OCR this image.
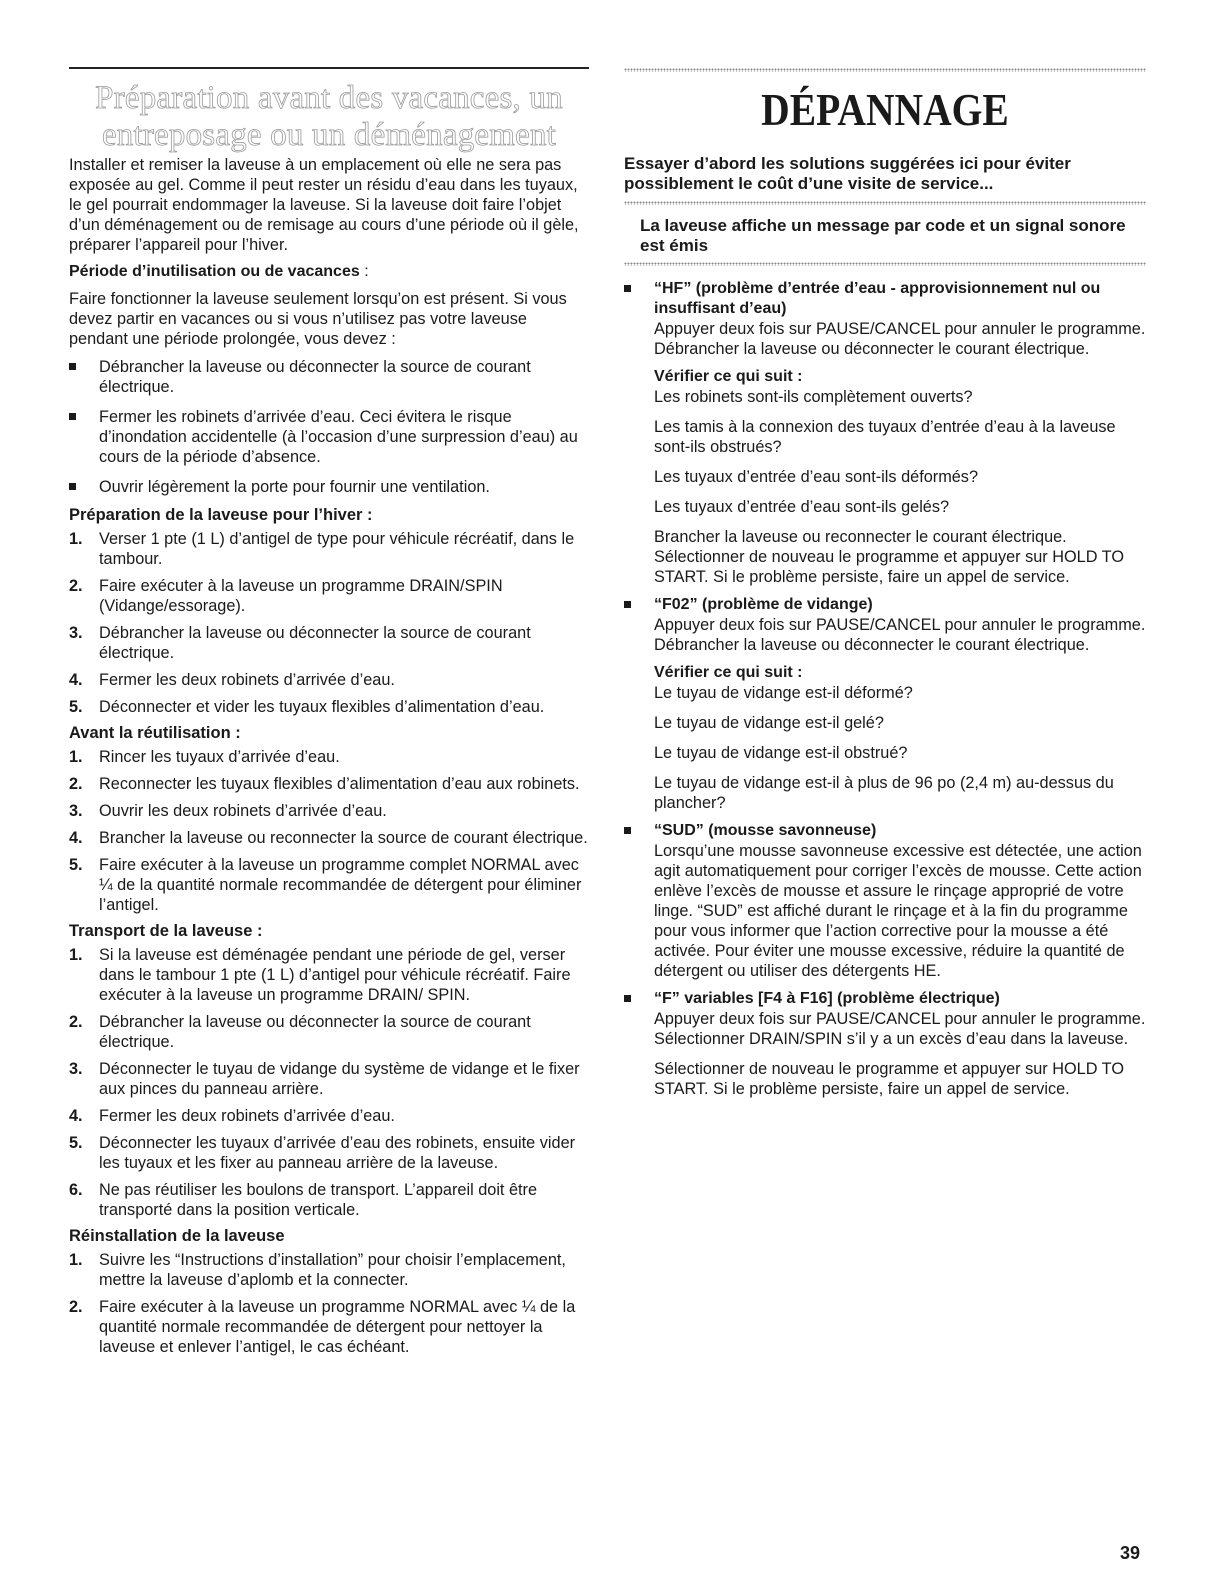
Préparation avant des vacances, un
entreposage ou un déménagement

Installer et remiser la laveuse à un emplacement où elle ne sera pas exposée au gel. Comme il peut rester un résidu d’eau dans les tuyaux, le gel pourrait endommager la laveuse. Si la laveuse doit faire l’objet d’un déménagement ou de remisage au cours d’une période où il gèle, préparer l’appareil pour l’hiver.

Période d’inutilisation ou de vacances :

Faire fonctionner la laveuse seulement lorsqu’on est présent. Si vous devez partir en vacances ou si vous n’utilisez pas votre laveuse pendant une période prolongée, vous devez :

Débrancher la laveuse ou déconnecter la source de courant électrique.
Fermer les robinets d’arrivée d’eau. Ceci évitera le risque d’inondation accidentelle (à l’occasion d’une surpression d’eau) au cours de la période d’absence.
Ouvrir légèrement la porte pour fournir une ventilation.

Préparation de la laveuse pour l’hiver :

1. Verser 1 pte (1 L) d’antigel de type pour véhicule récréatif, dans le tambour.
2. Faire exécuter à la laveuse un programme DRAIN/SPIN (Vidange/essorage).
3. Débrancher la laveuse ou déconnecter la source de courant électrique.
4. Fermer les deux robinets d’arrivée d’eau.
5. Déconnecter et vider les tuyaux flexibles d’alimentation d’eau.

Avant la réutilisation :

1. Rincer les tuyaux d’arrivée d’eau.
2. Reconnecter les tuyaux flexibles d’alimentation d’eau aux robinets.
3. Ouvrir les deux robinets d’arrivée d’eau.
4. Brancher la laveuse ou reconnecter la source de courant électrique.
5. Faire exécuter à la laveuse un programme complet NORMAL avec ¼ de la quantité normale recommandée de détergent pour éliminer l’antigel.

Transport de la laveuse :

1. Si la laveuse est déménagée pendant une période de gel, verser dans le tambour 1 pte (1 L) d’antigel pour véhicule récréatif. Faire exécuter à la laveuse un programme DRAIN/ SPIN.
2. Débrancher la laveuse ou déconnecter la source de courant électrique.
3. Déconnecter le tuyau de vidange du système de vidange et le fixer aux pinces du panneau arrière.
4. Fermer les deux robinets d’arrivée d’eau.
5. Déconnecter les tuyaux d’arrivée d’eau des robinets, ensuite vider les tuyaux et les fixer au panneau arrière de la laveuse.
6. Ne pas réutiliser les boulons de transport. L’appareil doit être transporté dans la position verticale.

Réinstallation de la laveuse

1. Suivre les “Instructions d’installation” pour choisir l’emplacement, mettre la laveuse d’aplomb et la connecter.
2. Faire exécuter à la laveuse un programme NORMAL avec ¼ de la quantité normale recommandée de détergent pour nettoyer la laveuse et enlever l’antigel, le cas échéant.
DÉPANNAGE
Essayer d’abord les solutions suggérées ici pour éviter possiblement le coût d’une visite de service...
La laveuse affiche un message par code et un signal sonore est émis

“HF” (problème d’entrée d’eau - approvisionnement nul ou insuffisant d’eau)

Appuyer deux fois sur PAUSE/CANCEL pour annuler le programme. Débrancher la laveuse ou déconnecter le courant électrique.

Vérifier ce qui suit :

Les robinets sont-ils complètement ouverts?

Les tamis à la connexion des tuyaux d’entrée d’eau à la laveuse sont-ils obstrués?

Les tuyaux d’entrée d’eau sont-ils déformés?

Les tuyaux d’entrée d’eau sont-ils gelés?

Brancher la laveuse ou reconnecter le courant électrique. Sélectionner de nouveau le programme et appuyer sur HOLD TO START. Si le problème persiste, faire un appel de service.

“F02” (problème de vidange)

Appuyer deux fois sur PAUSE/CANCEL pour annuler le programme. Débrancher la laveuse ou déconnecter le courant électrique.

Vérifier ce qui suit :

Le tuyau de vidange est-il déformé?

Le tuyau de vidange est-il gelé?

Le tuyau de vidange est-il obstrué?

Le tuyau de vidange est-il à plus de 96 po (2,4 m) au-dessus du plancher?

“SUD” (mousse savonneuse)

Lorsqu’une mousse savonneuse excessive est détectée, une action agit automatiquement pour corriger l’excès de mousse. Cette action enlève l’excès de mousse et assure le rinçage approprié de votre linge. “SUD” est affiché durant le rinçage et à la fin du programme pour vous informer que l’action corrective pour la mousse a été activée. Pour éviter une mousse excessive, réduire la quantité de détergent ou utiliser des détergents HE.

“F” variables [F4 à F16] (problème électrique)

Appuyer deux fois sur PAUSE/CANCEL pour annuler le programme. Sélectionner DRAIN/SPIN s’il y a un excès d’eau dans la laveuse.

Sélectionner de nouveau le programme et appuyer sur HOLD TO START. Si le problème persiste, faire un appel de service.

39
